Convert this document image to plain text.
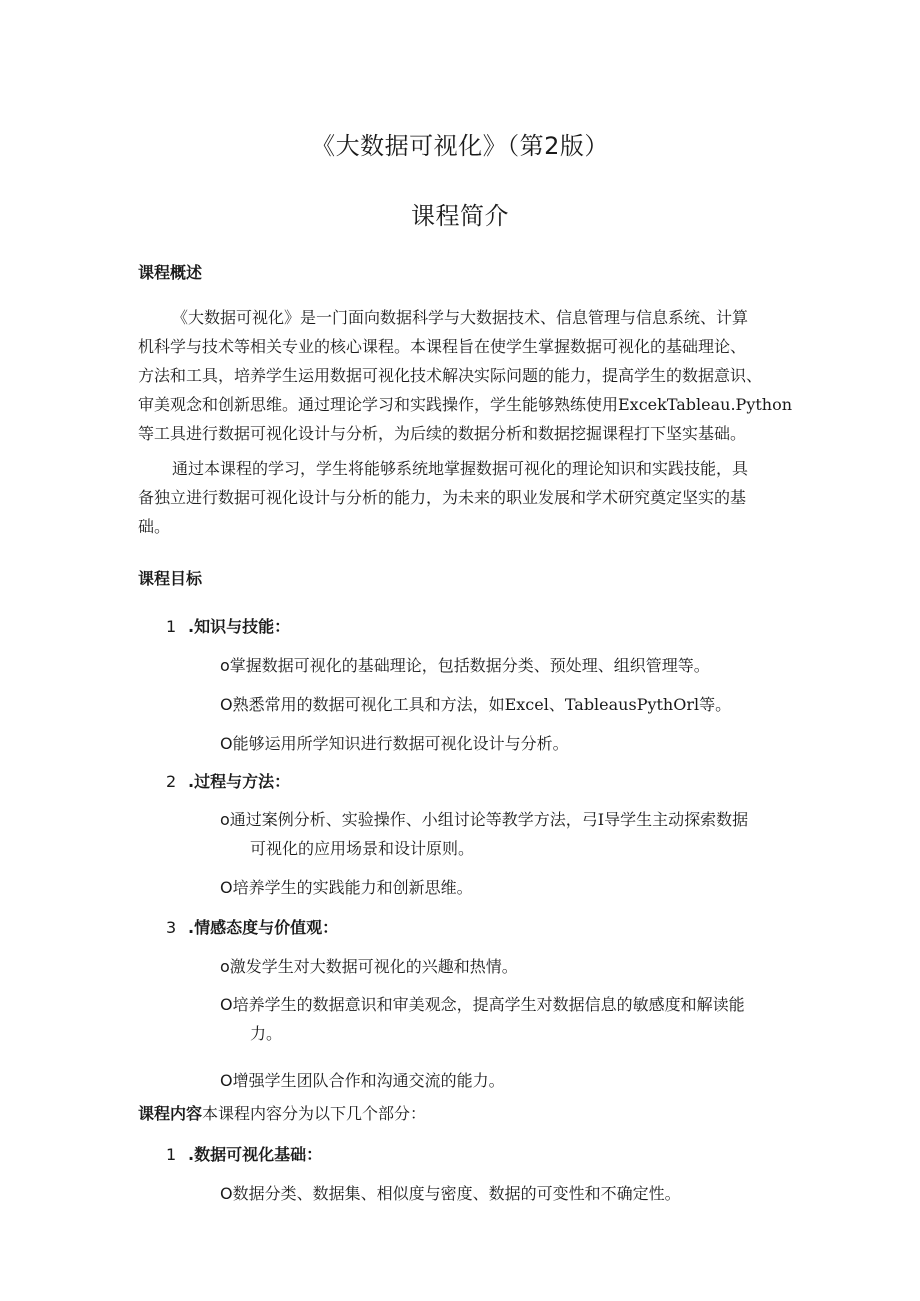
《大数据可视化》（第2版）
课程简介
课程概述

《大数据可视化》是一门面向数据科学与大数据技术、信息管理与信息系统、计算
机科学与技术等相关专业的核心课程。本课程旨在使学生掌握数据可视化的基础理论、
方法和工具，培养学生运用数据可视化技术解决实际问题的能力，提高学生的数据意识、
审美观念和创新思维。通过理论学习和实践操作，学生能够熟练使用ExcekTableau.Python
等工具进行数据可视化设计与分析，为后续的数据分析和数据挖掘课程打下坚实基础。

通过本课程的学习，学生将能够系统地掌握数据可视化的理论知识和实践技能，具
备独立进行数据可视化设计与分析的能力，为未来的职业发展和学术研究奠定坚实的基
础。

课程目标
1 .知识与技能：
o掌握数据可视化的基础理论，包括数据分类、预处理、组织管理等。
O熟悉常用的数据可视化工具和方法，如Excel、TableausPythOrl等。
O能够运用所学知识进行数据可视化设计与分析。
2 .过程与方法：
o通过案例分析、实验操作、小组讨论等教学方法，弓I导学生主动探索数据
可视化的应用场景和设计原则。
O培养学生的实践能力和创新思维。
3 .情感态度与价值观：
o激发学生对大数据可视化的兴趣和热情。
O培养学生的数据意识和审美观念，提高学生对数据信息的敏感度和解读能
力。
O增强学生团队合作和沟通交流的能力。
课程内容本课程内容分为以下几个部分：
1 .数据可视化基础：
O数据分类、数据集、相似度与密度、数据的可变性和不确定性。
